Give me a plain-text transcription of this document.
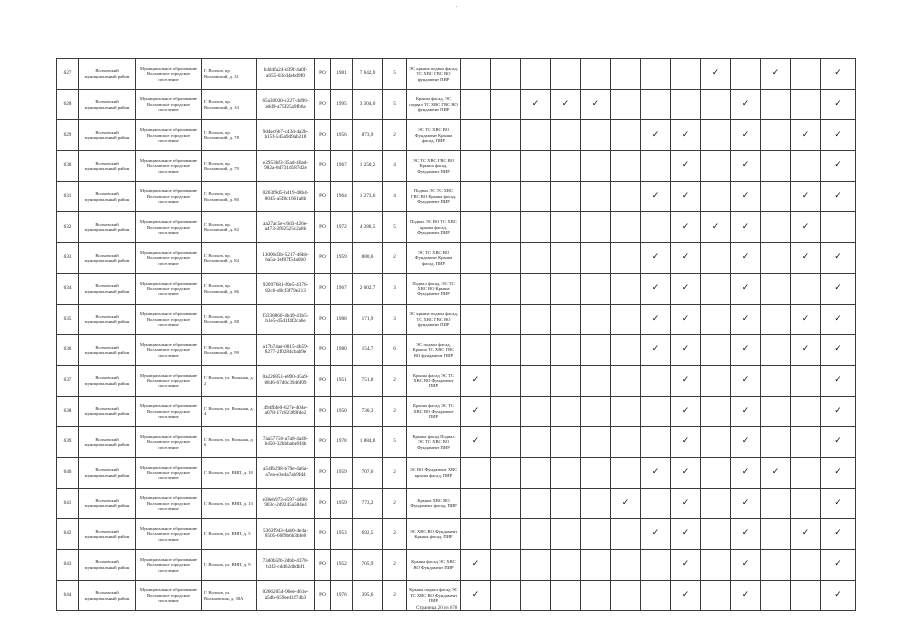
627	Волховский муниципальный район	Муниципальное образование Волховское городское поселение	Г. Волхов, пр. Волховский, д. 31	b4d4fa24-d39f-4a0f-a655-03cd4ebd9f0	РО	1981	7 642,0	5	ЭС крыша подвал фасад, ТС ХВС ГВС ВО фундамент ПИР									✓		✓		✓
628	Волховский муниципальный район	Муниципальное образование Волховское городское поселение	Г. Волхов, пр. Волховский, д. 33	65a30030-c227-4d96-a0d9-a75f25a9fb6a	РО	1995	3 304,0	5	Крыша фасад, ЭС подвал ТС ХВС ГВС ВО фундамент ПИР			✓	✓	✓					✓			✓
629	Волховский муниципальный район	Муниципальное образование Волховское городское поселение	Г. Волхов, пр. Волховский, д. 78	9d4ec6b7-c43d-4a2b-b15f-545a9d9ab218	РО	1956	873,9	2	ЭС ТС ХВС ВО Фундамент Крыша фасад, ПИР							✓	✓		✓		✓	✓
630	Волховский муниципальный район	Муниципальное образование Волховское городское поселение	Г. Волхов, пр. Волховский, д. 79	e2953bf3-35ad-40ad-982a-8d731d587d2e	РО	1967	1 250,2	4	ЭС ТС ХВС ГВС ВО Крыша фасад, Фундамент ПИР								✓		✓			✓
631	Волховский муниципальный район	Муниципальное образование Волховское городское поселение	Г. Волхов, пр. Волховский, д. 80	0263f9d5-b419-48b4-8045-a5f8c1661a8b	РО	1964	1 273,6	4	Подвал ЭС ТС ХВС ГВС ВО Крыша фасад, Фундамент ПИР							✓	✓		✓		✓	✓
632	Волховский муниципальный район	Муниципальное образование Волховское городское поселение	Г. Волхов, пр. Волховский, д. 82	aa27ac5e-c0d3-426e-a473-2f62525c2a8b	РО	1972	4 280,5	5	Подвал ЭС ВО ТС ХВС крыша фасад, Фундамент ПИР								✓	✓	✓		✓	
633	Волховский муниципальный район	Муниципальное образование Волховское городское поселение	Г. Волхов, пр. Волховский, д. 84	13006d3b-5217-46bb-ba5a-1ef87f54a0b0	РО	1959	880,6	2	ЭС ТС ХВС ВО Фундамент Крыша фасад, ПИР							✓	✓		✓		✓	✓
634	Волховский муниципальный район	Муниципальное образование Волховское городское поселение	Г. Волхов, пр. Волховский, д. 86	92097681-f0e5-4376-82c6-d0cf3f79e213	РО	1967	2 002,7	3	Подвал фасад, ЭС ТС ХВС ВО Крыша Фундамент ПИР							✓	✓		✓			✓
635	Волховский муниципальный район	Муниципальное образование Волховское городское поселение	Г. Волхов, пр. Волховский, д. 88	f3338860-4b49-43b5-b1e5-d5d1f4f2ca6e	РО	1988	171,9	3	ЭС крыша подвал фасад, ТС ХВС ГВС ВО фундамент ПИР							✓	✓		✓		✓	✓
636	Волховский муниципальный район	Муниципальное образование Волховское городское поселение	Г. Волхов, пр. Волховский, д. 99	a17b74ae-0815-4b59-8277-2f0284cbab9e	РО	1980	154,7	6	ЭС подвал фасад, Крыша ТС ХВС ГВС ВО фундамент ПИР							✓	✓		✓		✓	✓
637	Волховский муниципальный район	Муниципальное образование Волховское городское поселение	Г. Волхов, ул. Вольная, д. 2	0a226851-e890-45a9-8846-67d6c3946f09	РО	1951	751,8	2	Крыша фасад ЭС ТС ХВС ВО Фундамент ПИР	✓							✓		✓			✓
638	Волховский муниципальный район	Муниципальное образование Волховское городское поселение	Г. Волхов, ул. Вольная, д. 4	494fbfe0-627e-404e-a078-17c82389fde2	РО	1950	730,3	2	Крыша фасад ЭС ТС ХВС ВО Фундамент ПИР	✓							✓		✓			✓
639	Волховский муниципальный район	Муниципальное образование Волховское городское поселение	Г. Волхов, ул. Вольная, д. 6	7aa57756-a7a8-4a46-b450-32bbbabe9f4b	РО	1978	1 884,8	5	Крыша фасад Подвал ЭС ТС ХВС ВО Фундамент ПИР	✓							✓		✓			✓
640	Волховский муниципальный район	Муниципальное образование Волховское городское поселение	Г. Волхов, ул. ВНП, д. 10	a54fb298-b79e-4a6a-a7ea-e3e4a7ab9fd4	РО	1959	707,6	2	ЭС ВО Фундамент ХВС крыша фасад, ПИР							✓	✓		✓	✓		✓
641	Волховский муниципальный район	Муниципальное образование Волховское городское поселение	Г. Волхов, ул. ВНП, д. 13	e38eb973-e597-4d98-903c-2d9245a584e4	РО	1959	773,2	2	Крыша ХВС ВО Фундамент фасад, ПИР						✓		✓		✓			✓
642	Волховский муниципальный район	Муниципальное образование Волховское городское поселение	Г. Волхов, ул. ВНП, д. 5	5363f943-4ab0-4e4a-8505-66f9b6b3bfe8	РО	1953	692,5	2	ЭС ХВС ВО Фундамент Крыша фасад, ПИР							✓	✓		✓		✓	✓
643	Волховский муниципальный район	Муниципальное образование Волховское городское поселение	Г. Волхов, ул. ВНП, д. 9	73d0b5f6-2dbb-4378-b3f2-cdd62dbdbf1	РО	1952	705,9	2	Крыша фасад ЭС ХВС ВО Фундамент ПИР	✓							✓		✓			✓
644	Волховский муниципальный район	Муниципальное образование Волховское городское поселение	Г. Волхов, ул. Вольховская, д. 38А	02662054-96ee-461e-a5db-659ee41f74b3	РО	1976	395,6	2	Крыша подвал фасад ЭС ТС ХВС ВО Фундамент ПИР	✓							✓		✓			✓
Страница 20 из 678
